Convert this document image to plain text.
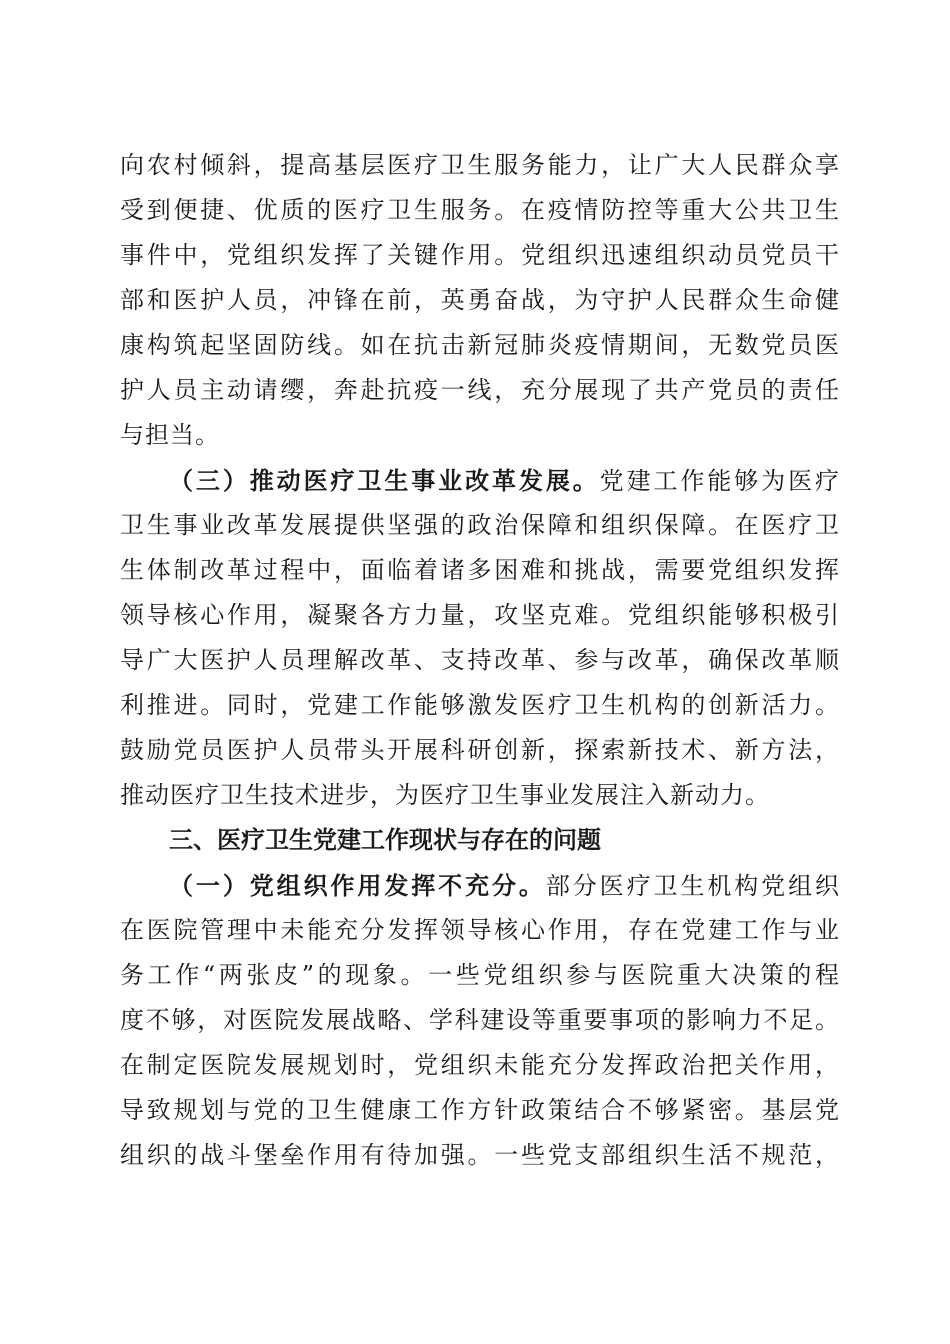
向农村倾斜，提高基层医疗卫生服务能力，让广大人民群众享
受到便捷、优质的医疗卫生服务。在疫情防控等重大公共卫生
事件中，党组织发挥了关键作用。党组织迅速组织动员党员干
部和医护人员，冲锋在前，英勇奋战，为守护人民群众生命健
康构筑起坚固防线。如在抗击新冠肺炎疫情期间，无数党员医
护人员主动请缨，奔赴抗疫一线，充分展现了共产党员的责任
与担当。
（三）推动医疗卫生事业改革发展。党建工作能够为医疗
卫生事业改革发展提供坚强的政治保障和组织保障。在医疗卫
生体制改革过程中，面临着诸多困难和挑战，需要党组织发挥
领导核心作用，凝聚各方力量，攻坚克难。党组织能够积极引
导广大医护人员理解改革、支持改革、参与改革，确保改革顺
利推进。同时，党建工作能够激发医疗卫生机构的创新活力。
鼓励党员医护人员带头开展科研创新，探索新技术、新方法，
推动医疗卫生技术进步，为医疗卫生事业发展注入新动力。
三、医疗卫生党建工作现状与存在的问题
（一）党组织作用发挥不充分。部分医疗卫生机构党组织
在医院管理中未能充分发挥领导核心作用，存在党建工作与业
务工作“两张皮”的现象。一些党组织参与医院重大决策的程
度不够，对医院发展战略、学科建设等重要事项的影响力不足。
在制定医院发展规划时，党组织未能充分发挥政治把关作用，
导致规划与党的卫生健康工作方针政策结合不够紧密。基层党
组织的战斗堡垒作用有待加强。一些党支部组织生活不规范，
